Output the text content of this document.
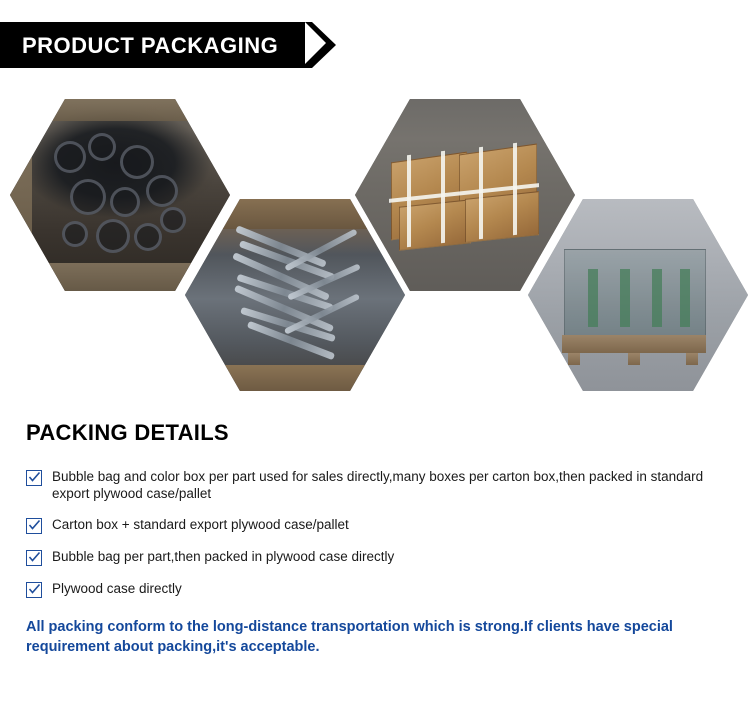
PRODUCT PACKAGING
PACKING DETAILS
Bubble bag and color box per part used for sales directly,many boxes per carton box,then packed in standard export plywood case/pallet
Carton box + standard export plywood case/pallet
Bubble bag per part,then packed in plywood case directly
Plywood case directly
All packing conform to the long-distance transportation which is strong.If clients have special requirement about packing,it's acceptable.
